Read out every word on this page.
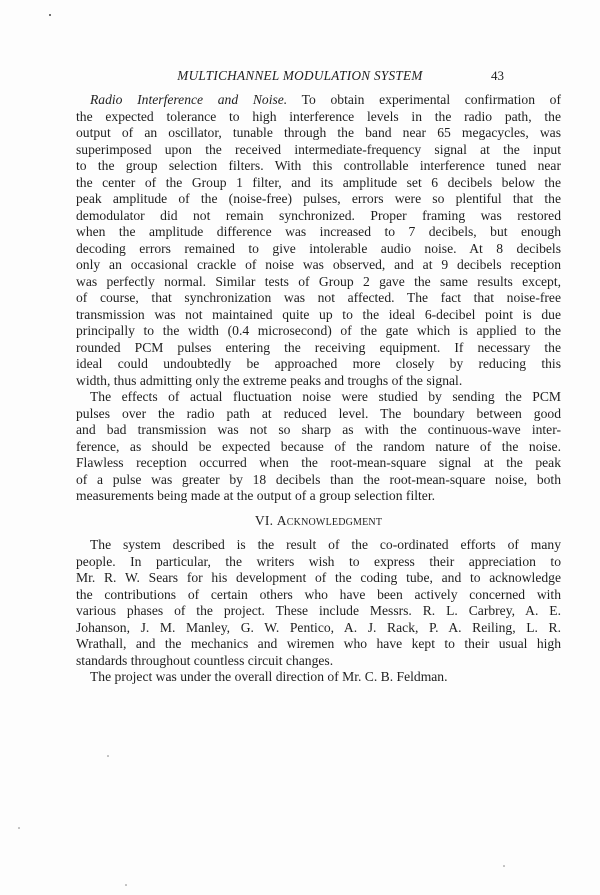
MULTICHANNEL MODULATION SYSTEM	43
Radio Interference and Noise. To obtain experimental confirmation of
the expected tolerance to high interference levels in the radio path, the
output of an oscillator, tunable through the band near 65 megacycles, was
superimposed upon the received intermediate-frequency signal at the input
to the group selection filters. With this controllable interference tuned near
the center of the Group 1 filter, and its amplitude set 6 decibels below the
peak amplitude of the (noise-free) pulses, errors were so plentiful that the
demodulator did not remain synchronized. Proper framing was restored
when the amplitude difference was increased to 7 decibels, but enough
decoding errors remained to give intolerable audio noise. At 8 decibels
only an occasional crackle of noise was observed, and at 9 decibels reception
was perfectly normal. Similar tests of Group 2 gave the same results except,
of course, that synchronization was not affected. The fact that noise-free
transmission was not maintained quite up to the ideal 6-decibel point is due
principally to the width (0.4 microsecond) of the gate which is applied to the
rounded PCM pulses entering the receiving equipment. If necessary the
ideal could undoubtedly be approached more closely by reducing this
width, thus admitting only the extreme peaks and troughs of the signal.
The effects of actual fluctuation noise were studied by sending the PCM
pulses over the radio path at reduced level. The boundary between good
and bad transmission was not so sharp as with the continuous-wave inter-
ference, as should be expected because of the random nature of the noise.
Flawless reception occurred when the root-mean-square signal at the peak
of a pulse was greater by 18 decibels than the root-mean-square noise, both
measurements being made at the output of a group selection filter.
VI. Acknowledgment
The system described is the result of the co-ordinated efforts of many
people. In particular, the writers wish to express their appreciation to
Mr. R. W. Sears for his development of the coding tube, and to acknowledge
the contributions of certain others who have been actively concerned with
various phases of the project. These include Messrs. R. L. Carbrey, A. E.
Johanson, J. M. Manley, G. W. Pentico, A. J. Rack, P. A. Reiling, L. R.
Wrathall, and the mechanics and wiremen who have kept to their usual high
standards throughout countless circuit changes.
The project was under the overall direction of Mr. C. B. Feldman.
